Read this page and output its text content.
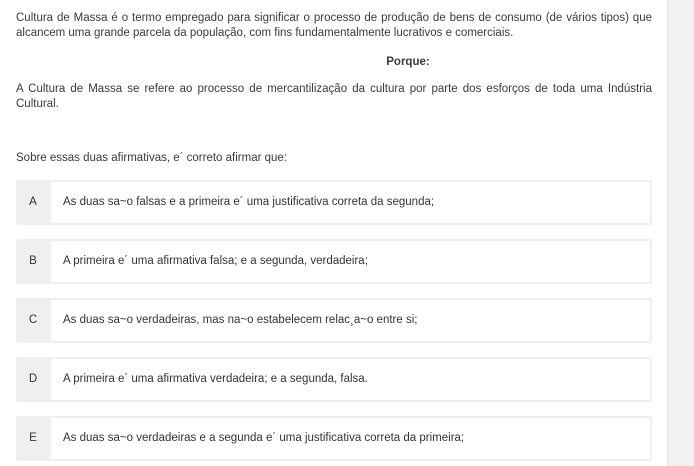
Cultura de Massa é o termo empregado para significar o processo de produção de bens de consumo (de vários tipos) que alcancem uma grande parcela da população, com fins fundamentalmente lucrativos e comerciais.

Porque:

A Cultura de Massa se refere ao processo de mercantilização da cultura por parte dos esforços de toda uma Indústria Cultural.

Sobre essas duas afirmativas, e´ correto afirmar que:

A	As duas sa~o falsas e a primeira e´ uma justificativa correta da segunda;
B	A primeira e´ uma afirmativa falsa; e a segunda, verdadeira;
C	As duas sa~o verdadeiras, mas na~o estabelecem relac¸a~o entre si;
D	A primeira e´ uma afirmativa verdadeira; e a segunda, falsa.
E	As duas sa~o verdadeiras e a segunda e´ uma justificativa correta da primeira;
